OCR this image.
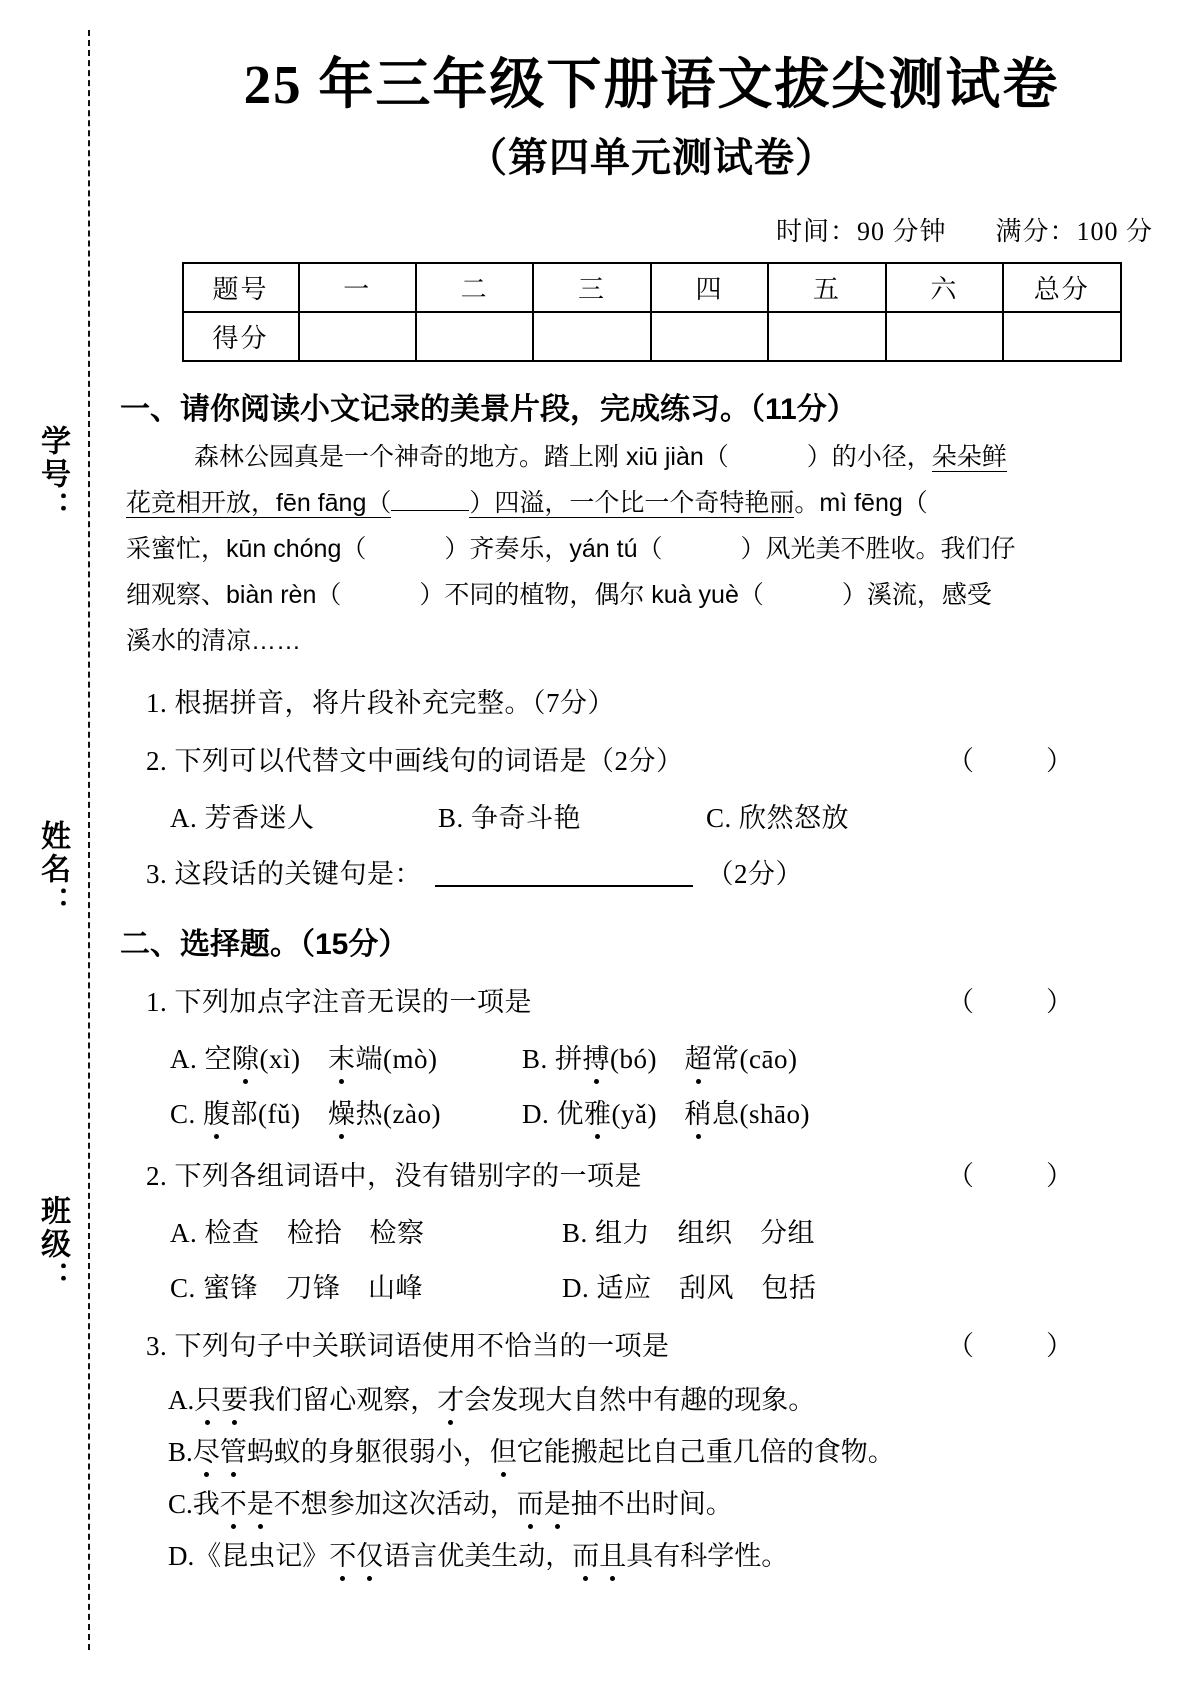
学号：
姓名：
班级：
25 年三年级下册语文拔尖测试卷
（第四单元测试卷）
时间：90 分钟 满分：100 分
题号	一	二	三	四	五	六	总分
得分							
一、请你阅读小文记录的美景片段，完成练习。（11分）
森林公园真是一个神奇的地方。踏上刚 xiū jiàn（	）的小径，朵朵鲜
花竞相开放，fēn fāng（	）四溢，一个比一个奇特艳丽。mì fēng（
采蜜忙，kūn chóng（	）齐奏乐，yán tú（	）风光美不胜收。我们仔
细观察、biàn rèn（	）不同的植物，偶尔 kuà yuè（	）溪流，感受
溪水的清凉……
1. 根据拼音，将片段补充完整。（7分）
（　　）
2. 下列可以代替文中画线句的词语是（2分）
A. 芳香迷人	B. 争奇斗艳	C. 欣然怒放
3. 这段话的关键句是：	（2分）
二、选择题。（15分）
（　　）
1. 下列加点字注音无误的一项是
A. 空隙(xì)　 末端(mò)	B. 拼搏(bó)　 超常(cāo)
C. 腹部(fǔ)　 燥热(zào)	D. 优雅(yǎ)　 稍息(shāo)
（　　）
2. 下列各组词语中，没有错别字的一项是
A. 检查　检拾　检察	B. 组力　组织　分组
C. 蜜锋　刀锋　山峰	D. 适应　刮风　包括
（　　）
3. 下列句子中关联词语使用不恰当的一项是
A.只要我们留心观察，才会发现大自然中有趣的现象。
B.尽管蚂蚁的身躯很弱小，但它能搬起比自己重几倍的食物。
C.我不是不想参加这次活动，而是抽不出时间。
D.《昆虫记》不仅语言优美生动，而且具有科学性。
